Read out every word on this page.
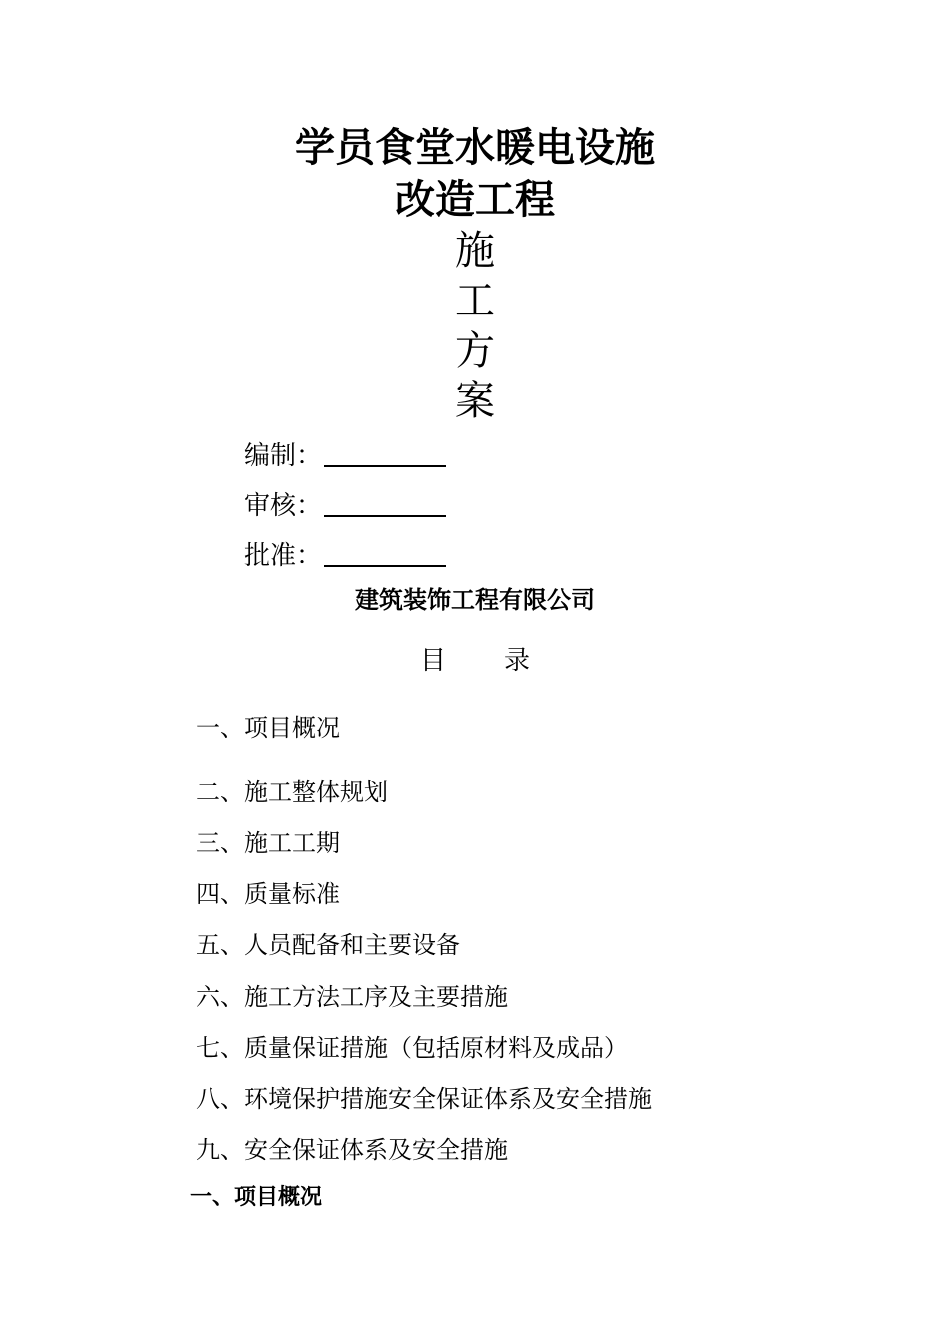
学员食堂水暖电设施
改造工程
施
工
方
案
编制：
审核：
批准：
建筑装饰工程有限公司
目录
一、项目概况
二、施工整体规划
三、施工工期
四、质量标准
五、人员配备和主要设备
六、施工方法工序及主要措施
七、质量保证措施（包括原材料及成品）
八、环境保护措施安全保证体系及安全措施
九、安全保证体系及安全措施
一、项目概况
